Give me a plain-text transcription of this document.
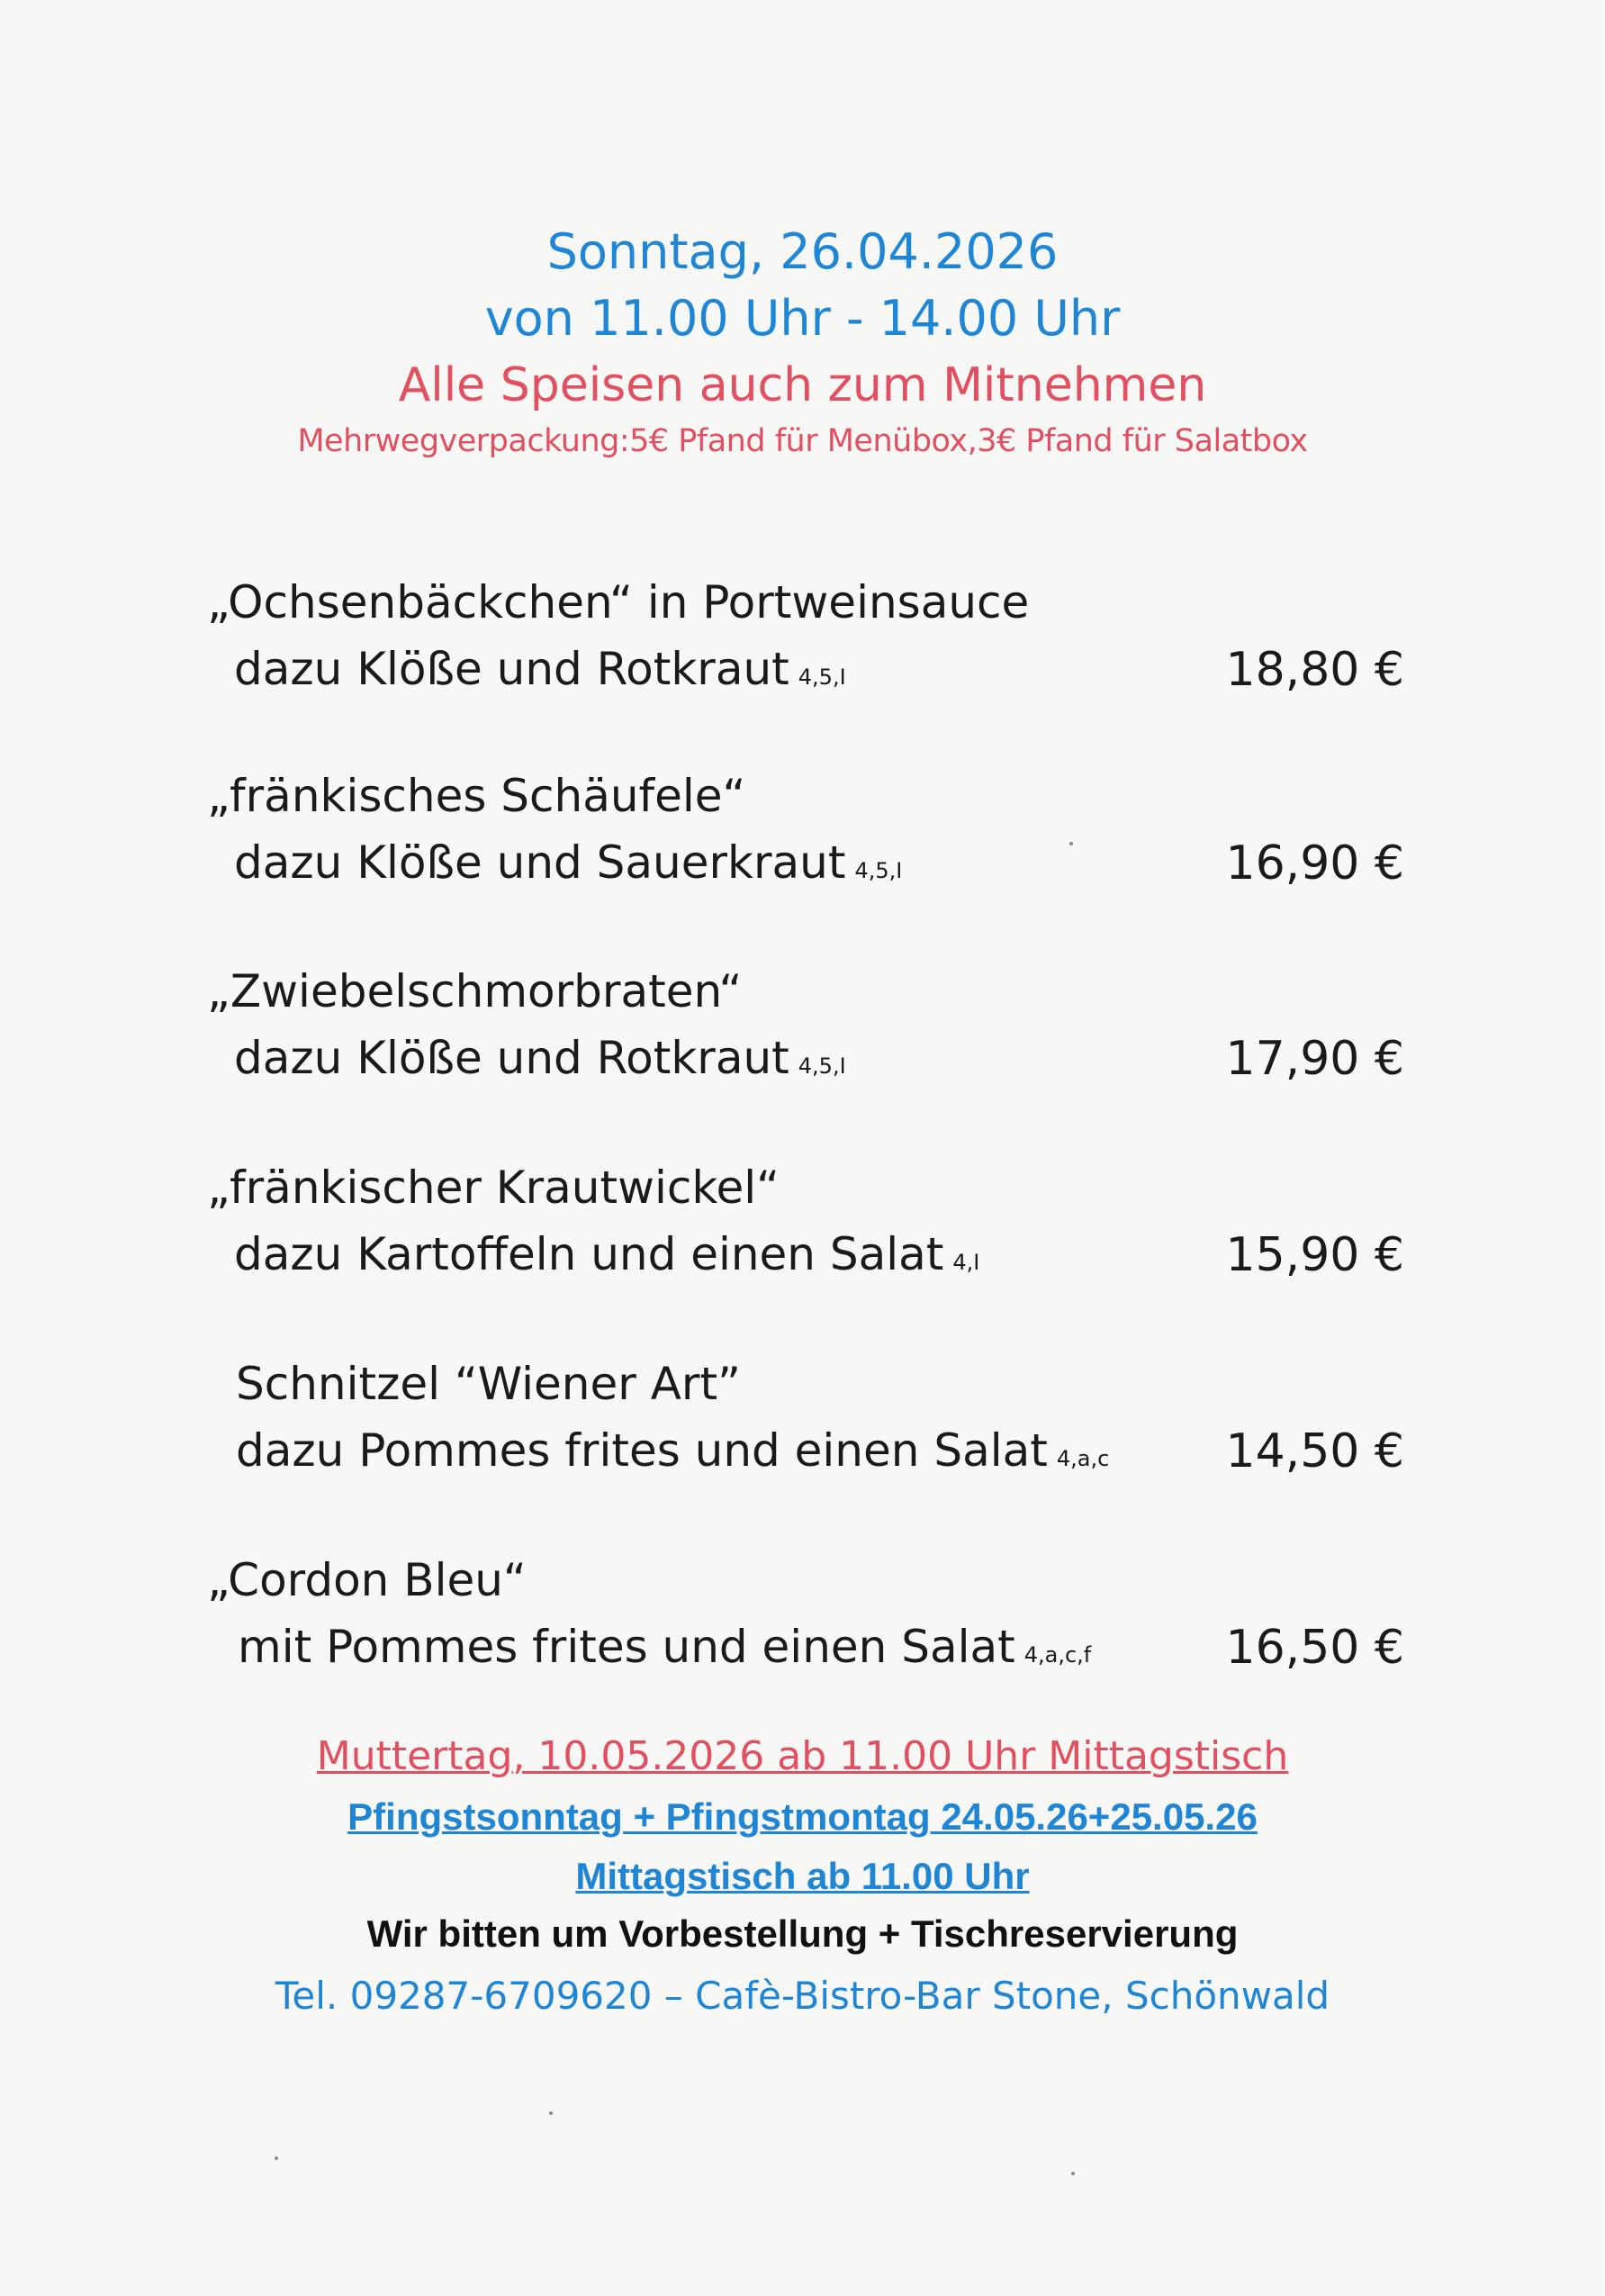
Sonntag, 26.04.2026
von 11.00 Uhr - 14.00 Uhr
Alle Speisen auch zum Mitnehmen
Mehrwegverpackung:5€ Pfand für Menübox,3€ Pfand für Salatbox
„Ochsenbäckchen“ in Portweinsauce
dazu Klöße und Rotkraut 4,5,I	18,80 €
„fränkisches Schäufele“
dazu Klöße und Sauerkraut 4,5,I	16,90 €
„Zwiebelschmorbraten“
dazu Klöße und Rotkraut 4,5,I	17,90 €
„fränkischer Krautwickel“
dazu Kartoffeln und einen Salat 4,I	15,90 €
Schnitzel “Wiener Art”
dazu Pommes frites und einen Salat 4,a,c 14,50 €
„Cordon Bleu“
mit Pommes frites und einen Salat 4,a,c,f	16,50 €
Muttertag, 10.05.2026 ab 11.00 Uhr Mittagstisch
Pfingstsonntag + Pfingstmontag 24.05.26+25.05.26
Mittagstisch ab 11.00 Uhr
Wir bitten um Vorbestellung + Tischreservierung
Tel. 09287-6709620 – Cafè-Bistro-Bar Stone, Schönwald
